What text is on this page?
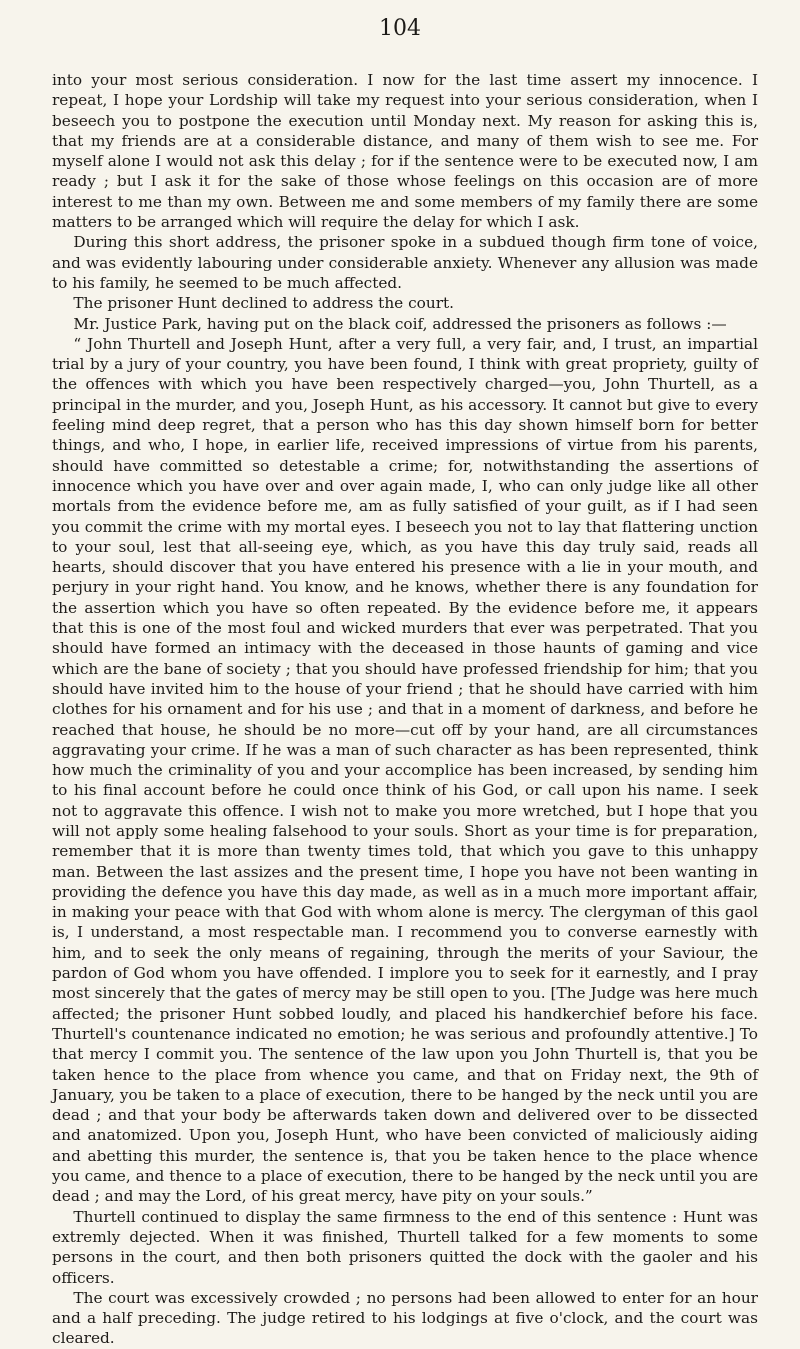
104

into your most serious consideration. I now for the last time assert my innocence. I repeat, I hope your Lordship will take my request into your serious consideration, when I beseech you to postpone the execution until Monday next. My reason for asking this is, that my friends are at a considerable distance, and many of them wish to see me. For myself alone I would not ask this delay ; for if the sentence were to be executed now, I am ready ; but I ask it for the sake of those whose feelings on this occasion are of more interest to me than my own. Between me and some members of my family there are some matters to be arranged which will require the delay for which I ask.

During this short address, the prisoner spoke in a subdued though firm tone of voice, and was evidently labouring under considerable anxiety. Whenever any allusion was made to his family, he seemed to be much affected.

The prisoner Hunt declined to address the court.

Mr. Justice Park, having put on the black coif, addressed the prisoners as follows :—

“ John Thurtell and Joseph Hunt, after a very full, a very fair, and, I trust, an impartial trial by a jury of your country, you have been found, I think with great propriety, guilty of the offences with which you have been respectively charged—you, John Thurtell, as a principal in the murder, and you, Joseph Hunt, as his accessory. It cannot but give to every feeling mind deep regret, that a person who has this day shown himself born for better things, and who, I hope, in earlier life, received impressions of virtue from his parents, should have committed so detestable a crime; for, notwithstanding the assertions of innocence which you have over and over again made, I, who can only judge like all other mortals from the evidence before me, am as fully satisfied of your guilt, as if I had seen you commit the crime with my mortal eyes. I beseech you not to lay that flattering unction to your soul, lest that all-seeing eye, which, as you have this day truly said, reads all hearts, should discover that you have entered his presence with a lie in your mouth, and perjury in your right hand. You know, and he knows, whether there is any foundation for the assertion which you have so often repeated. By the evidence before me, it appears that this is one of the most foul and wicked murders that ever was perpetrated. That you should have formed an intimacy with the deceased in those haunts of gaming and vice which are the bane of society ; that you should have professed friendship for him; that you should have invited him to the house of your friend ; that he should have carried with him clothes for his ornament and for his use ; and that in a moment of darkness, and before he reached that house, he should be no more—cut off by your hand, are all circumstances aggravating your crime. If he was a man of such character as has been represented, think how much the criminality of you and your accomplice has been increased, by sending him to his final account before he could once think of his God, or call upon his name. I seek not to aggravate this offence. I wish not to make you more wretched, but I hope that you will not apply some healing falsehood to your souls. Short as your time is for preparation, remember that it is more than twenty times told, that which you gave to this unhappy man. Between the last assizes and the present time, I hope you have not been wanting in providing the defence you have this day made, as well as in a much more important affair, in making your peace with that God with whom alone is mercy. The clergyman of this gaol is, I understand, a most respectable man. I recommend you to converse earnestly with him, and to seek the only means of regaining, through the merits of your Saviour, the pardon of God whom you have offended. I implore you to seek for it earnestly, and I pray most sincerely that the gates of mercy may be still open to you. [The Judge was here much affected; the prisoner Hunt sobbed loudly, and placed his handkerchief before his face. Thurtell's countenance indicated no emotion; he was serious and profoundly attentive.] To that mercy I commit you. The sentence of the law upon you John Thurtell is, that you be taken hence to the place from whence you came, and that on Friday next, the 9th of January, you be taken to a place of execution, there to be hanged by the neck until you are dead ; and that your body be afterwards taken down and delivered over to be dissected and anatomized. Upon you, Joseph Hunt, who have been convicted of maliciously aiding and abetting this murder, the sentence is, that you be taken hence to the place whence you came, and thence to a place of execution, there to be hanged by the neck until you are dead ; and may the Lord, of his great mercy, have pity on your souls.”

Thurtell continued to display the same firmness to the end of this sentence : Hunt was extremly dejected. When it was finished, Thurtell talked for a few moments to some persons in the court, and then both prisoners quitted the dock with the gaoler and his officers.

The court was excessively crowded ; no persons had been allowed to enter for an hour and a half preceding. The judge retired to his lodgings at five o'clock, and the court was cleared.
